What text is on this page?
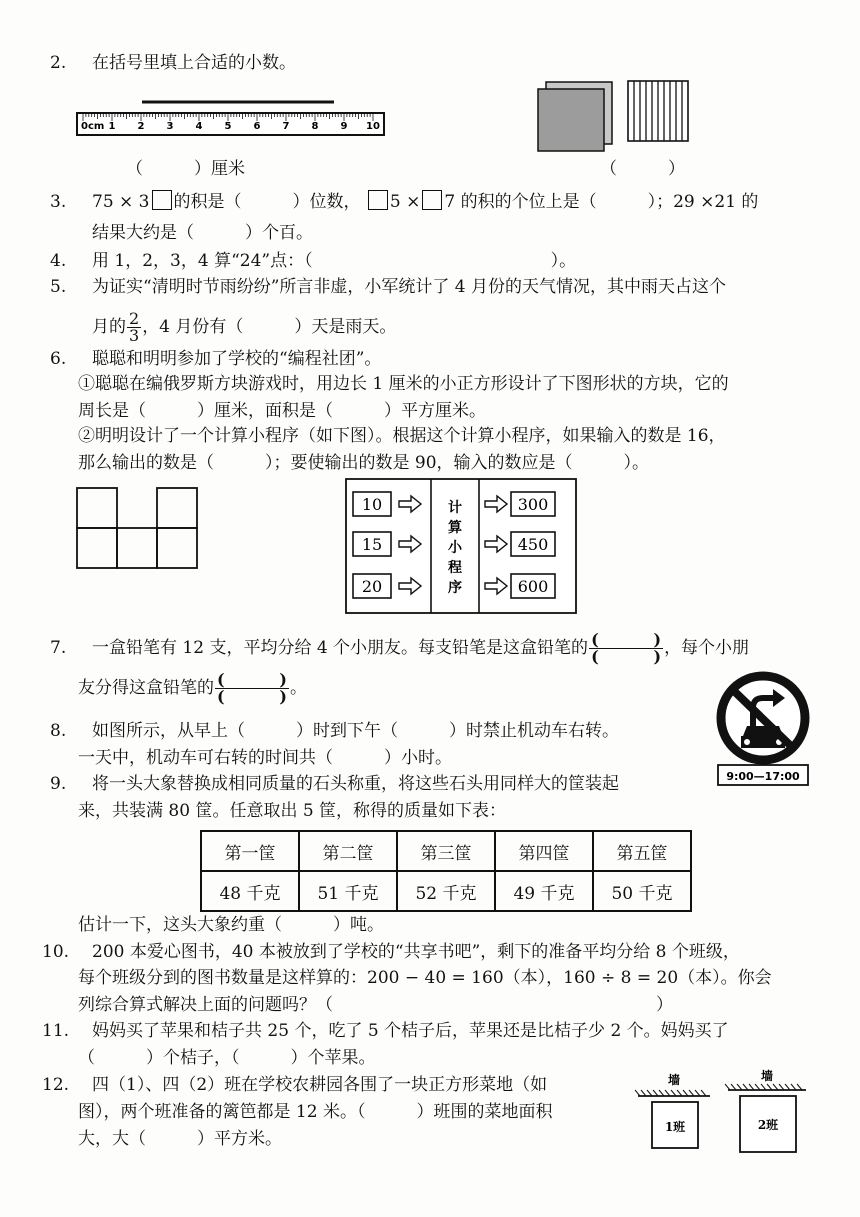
2. 在括号里填上合适的小数。
0cm 1 2 3 4 5 6 7 8 9 10
（　　　）厘米	（　　　）
3. 75 × 3 的积是（　　　）位数， 5 × 7 的积的个位上是（　　　）；29 ×21 的
结果大约是（　　　）个百。
4. 用 1，2，3，4 算“24”点：（　　　　　　　　　　　　　　）。
5. 为证实“清明时节雨纷纷”所言非虚，小军统计了 4 月份的天气情况，其中雨天占这个
月的 $\frac{2}{3}$ ，4 月份有（　　　）天是雨天。
6. 聪聪和明明参加了学校的“编程社团”。
①聪聪在编俄罗斯方块游戏时，用边长 1 厘米的小正方形设计了下图形状的方块，它的
周长是（　　　）厘米，面积是（　　　）平方厘米。
②明明设计了一个计算小程序（如下图）。根据这个计算小程序，如果输入的数是 16，
那么输出的数是（　　　）；要使输出的数是 90，输入的数应是（　　　）。
计
算
小
程
序
10
15
20
300
450
600
7. 一盒铅笔有 12 支，平均分给 4 个小朋友。每支铅笔是这盒铅笔的 (	)
(	) ，每个小朋
友分得这盒铅笔的 (	)
(	) 。
9:00—17:00
8. 如图所示，从早上（　　　）时到下午（　　　）时禁止机动车右转。
一天中，机动车可右转的时间共（　　　）小时。
9. 将一头大象替换成相同质量的石头称重，将这些石头用同样大的筐装起
来，共装满 80 筐。任意取出 5 筐，称得的质量如下表：
第一筐	第二筐	第三筐	第四筐	第五筐
48 千克	51 千克	52 千克	49 千克	50 千克
估计一下，这头大象约重（　　　）吨。
10. 200 本爱心图书，40 本被放到了学校的“共享书吧”，剩下的准备平均分给 8 个班级，
每个班级分到的图书数量是这样算的：200 − 40 = 160（本），160 ÷ 8 = 20（本）。你会
列综合算式解决上面的问题吗？（　　　　　　　　　　　　　　　　　　　）
11. 妈妈买了苹果和桔子共 25 个，吃了 5 个桔子后，苹果还是比桔子少 2 个。妈妈买了
（　　　）个桔子，（　　　）个苹果。
12. 四（1）、四（2）班在学校农耕园各围了一块正方形菜地（如
图），两个班准备的篱笆都是 12 米。（　　　）班围的菜地面积
大，大（　　　）平方米。
墙	墙
1班	2班
